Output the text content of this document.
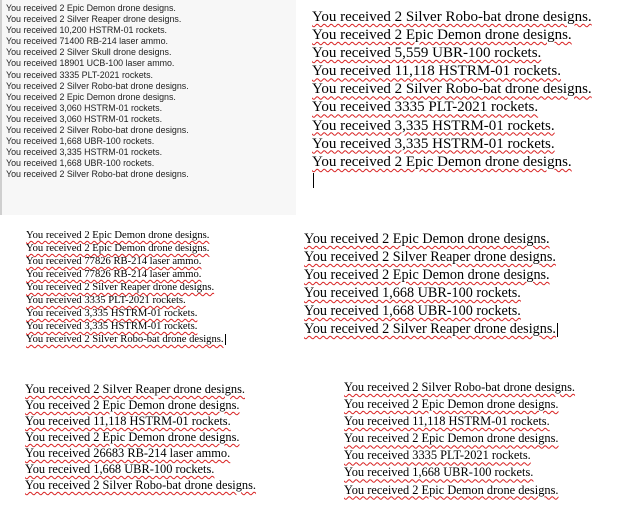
You received 2 Epic Demon drone designs.
You received 2 Silver Reaper drone designs.
You received 10,200 HSTRM-01 rockets.
You received 71400 RB-214 laser ammo.
You received 2 Silver Skull drone designs.
You received 18901 UCB-100 laser ammo.
You received 3335 PLT-2021 rockets.
You received 2 Silver Robo-bat drone designs.
You received 2 Epic Demon drone designs.
You received 3,060 HSTRM-01 rockets.
You received 3,060 HSTRM-01 rockets.
You received 2 Silver Robo-bat drone designs.
You received 1,668 UBR-100 rockets.
You received 3,335 HSTRM-01 rockets.
You received 1,668 UBR-100 rockets.
You received 2 Silver Robo-bat drone designs.
You received 2 Silver Robo-bat drone designs.
You received 2 Epic Demon drone designs.
You received 5,559 UBR-100 rockets.
You received 11,118 HSTRM-01 rockets.
You received 2 Silver Robo-bat drone designs.
You received 3335 PLT-2021 rockets.
You received 3,335 HSTRM-01 rockets.
You received 3,335 HSTRM-01 rockets.
You received 2 Epic Demon drone designs.
You received 2 Epic Demon drone designs.
You received 2 Epic Demon drone designs.
You received 77826 RB-214 laser ammo.
You received 77826 RB-214 laser ammo.
You received 2 Silver Reaper drone designs.
You received 3335 PLT-2021 rockets.
You received 3,335 HSTRM-01 rockets.
You received 3,335 HSTRM-01 rockets.
You received 2 Silver Robo-bat drone designs.
You received 2 Epic Demon drone designs.
You received 2 Silver Reaper drone designs.
You received 2 Epic Demon drone designs.
You received 1,668 UBR-100 rockets.
You received 1,668 UBR-100 rockets.
You received 2 Silver Reaper drone designs.
You received 2 Silver Reaper drone designs.
You received 2 Epic Demon drone designs.
You received 11,118 HSTRM-01 rockets.
You received 2 Epic Demon drone designs.
You received 26683 RB-214 laser ammo.
You received 1,668 UBR-100 rockets.
You received 2 Silver Robo-bat drone designs.
You received 2 Silver Robo-bat drone designs.
You received 2 Epic Demon drone designs.
You received 11,118 HSTRM-01 rockets.
You received 2 Epic Demon drone designs.
You received 3335 PLT-2021 rockets.
You received 1,668 UBR-100 rockets.
You received 2 Epic Demon drone designs.
